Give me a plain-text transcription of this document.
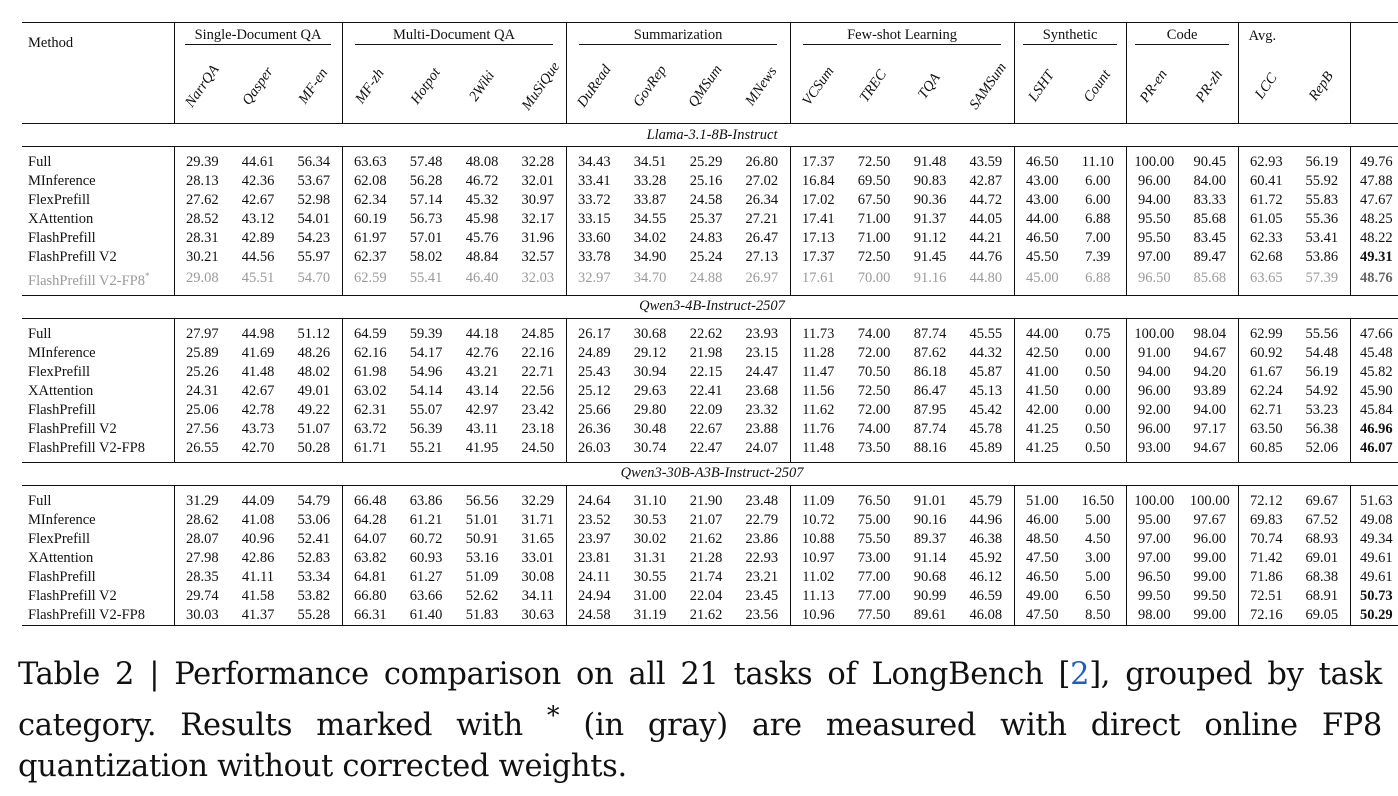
Method	Single-Document QA			Multi-Document QA				Summarization				Few-shot Learning				Synthetic		Code		Avg.		
	NarrQA	Qasper	MF-en	MF-zh	Hotpot	2Wiki	MuSiQue	DuRead	GovRep	QMSum	MNews	VCSum	TREC	TQA	SAMSum	LSHT	Count	PR-en	PR-zh	LCC	RepB	
Llama-3.1-8B-Instruct																						

Full	29.39	44.61	56.34	63.63	57.48	48.08	32.28	34.43	34.51	25.29	26.80	17.37	72.50	91.48	43.59	46.50	11.10	100.00	90.45	62.93	56.19	49.76
MInference	28.13	42.36	53.67	62.08	56.28	46.72	32.01	33.41	33.28	25.16	27.02	16.84	69.50	90.83	42.87	43.00	6.00	96.00	84.00	60.41	55.92	47.88
FlexPrefill	27.62	42.67	52.98	62.34	57.14	45.32	30.97	33.72	33.87	24.58	26.34	17.02	67.50	90.36	44.72	43.00	6.00	94.00	83.33	61.72	55.83	47.67
XAttention	28.52	43.12	54.01	60.19	56.73	45.98	32.17	33.15	34.55	25.37	27.21	17.41	71.00	91.37	44.05	44.00	6.88	95.50	85.68	61.05	55.36	48.25
FlashPrefill	28.31	42.89	54.23	61.97	57.01	45.76	31.96	33.60	34.02	24.83	26.47	17.13	71.00	91.12	44.21	46.50	7.00	95.50	83.45	62.33	53.41	48.22
FlashPrefill V2	30.21	44.56	55.97	62.37	58.02	48.84	32.57	33.78	34.90	25.24	27.13	17.37	72.50	91.45	44.76	45.50	7.39	97.00	89.47	62.68	53.86	49.31
FlashPrefill V2-FP8*	29.08	45.51	54.70	62.59	55.41	46.40	32.03	32.97	34.70	24.88	26.97	17.61	70.00	91.16	44.80	45.00	6.88	96.50	85.68	63.65	57.39	48.76

Qwen3-4B-Instruct-2507																						

Full	27.97	44.98	51.12	64.59	59.39	44.18	24.85	26.17	30.68	22.62	23.93	11.73	74.00	87.74	45.55	44.00	0.75	100.00	98.04	62.99	55.56	47.66
MInference	25.89	41.69	48.26	62.16	54.17	42.76	22.16	24.89	29.12	21.98	23.15	11.28	72.00	87.62	44.32	42.50	0.00	91.00	94.67	60.92	54.48	45.48
FlexPrefill	25.26	41.48	48.02	61.98	54.96	43.21	22.71	25.43	30.94	22.15	24.47	11.47	70.50	86.18	45.87	41.00	0.50	94.00	94.20	61.67	56.19	45.82
XAttention	24.31	42.67	49.01	63.02	54.14	43.14	22.56	25.12	29.63	22.41	23.68	11.56	72.50	86.47	45.13	41.50	0.00	96.00	93.89	62.24	54.92	45.90
FlashPrefill	25.06	42.78	49.22	62.31	55.07	42.97	23.42	25.66	29.80	22.09	23.32	11.62	72.00	87.95	45.42	42.00	0.00	92.00	94.00	62.71	53.23	45.84
FlashPrefill V2	27.56	43.73	51.07	63.72	56.39	43.11	23.18	26.36	30.48	22.67	23.88	11.76	74.00	87.74	45.78	41.25	0.50	96.00	97.17	63.50	56.38	46.96
FlashPrefill V2-FP8	26.55	42.70	50.28	61.71	55.21	41.95	24.50	26.03	30.74	22.47	24.07	11.48	73.50	88.16	45.89	41.25	0.50	93.00	94.67	60.85	52.06	46.07

Qwen3-30B-A3B-Instruct-2507																						

Full	31.29	44.09	54.79	66.48	63.86	56.56	32.29	24.64	31.10	21.90	23.48	11.09	76.50	91.01	45.79	51.00	16.50	100.00	100.00	72.12	69.67	51.63
MInference	28.62	41.08	53.06	64.28	61.21	51.01	31.71	23.52	30.53	21.07	22.79	10.72	75.00	90.16	44.96	46.00	5.00	95.00	97.67	69.83	67.52	49.08
FlexPrefill	28.07	40.96	52.41	64.07	60.72	50.91	31.65	23.97	30.02	21.62	23.86	10.88	75.50	89.37	46.38	48.50	4.50	97.00	96.00	70.74	68.93	49.34
XAttention	27.98	42.86	52.83	63.82	60.93	53.16	33.01	23.81	31.31	21.28	22.93	10.97	73.00	91.14	45.92	47.50	3.00	97.00	99.00	71.42	69.01	49.61
FlashPrefill	28.35	41.11	53.34	64.81	61.27	51.09	30.08	24.11	30.55	21.74	23.21	11.02	77.00	90.68	46.12	46.50	5.00	96.50	99.00	71.86	68.38	49.61
FlashPrefill V2	29.74	41.58	53.82	66.80	63.66	52.62	34.11	24.94	31.00	22.04	23.45	11.13	77.00	90.99	46.59	49.00	6.50	99.50	99.50	72.51	68.91	50.73
FlashPrefill V2-FP8	30.03	41.37	55.28	66.31	61.40	51.83	30.63	24.58	31.19	21.62	23.56	10.96	77.50	89.61	46.08	47.50	8.50	98.00	99.00	72.16	69.05	50.29

Table 2 | Performance comparison on all 21 tasks of LongBench [2], grouped by task category. Results marked with * (in gray) are measured with direct online FP8 quantization without corrected weights.
